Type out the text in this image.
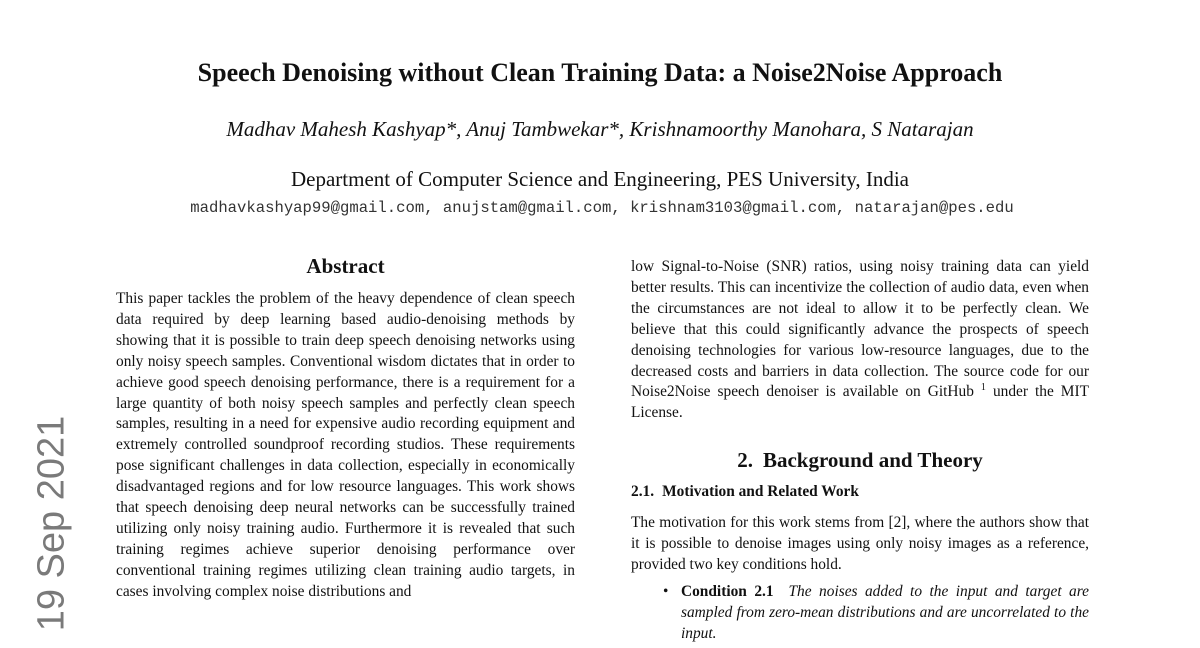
Speech Denoising without Clean Training Data: a Noise2Noise Approach
Madhav Mahesh Kashyap*, Anuj Tambwekar*, Krishnamoorthy Manohara, S Natarajan
Department of Computer Science and Engineering, PES University, India
madhavkashyap99@gmail.com, anujstam@gmail.com, krishnam3103@gmail.com, natarajan@pes.edu
19 Sep 2021
Abstract

This paper tackles the problem of the heavy dependence of clean speech data required by deep learning based audio-denoising methods by showing that it is possible to train deep speech denoising networks using only noisy speech samples. Conventional wisdom dictates that in order to achieve good speech denoising performance, there is a requirement for a large quantity of both noisy speech samples and perfectly clean speech samples, resulting in a need for expensive audio recording equipment and extremely controlled soundproof recording studios. These requirements pose significant challenges in data collection, especially in economically disadvantaged regions and for low resource languages. This work shows that speech denoising deep neural networks can be successfully trained utilizing only noisy training audio. Furthermore it is revealed that such training regimes achieve superior denoising performance over conventional training regimes utilizing clean training audio targets, in cases involving complex noise distributions and

low Signal-to-Noise (SNR) ratios, using noisy training data can yield better results. This can incentivize the collection of audio data, even when the circumstances are not ideal to allow it to be perfectly clean. We believe that this could significantly advance the prospects of speech denoising technologies for various low-resource languages, due to the decreased costs and barriers in data collection. The source code for our Noise2Noise speech denoiser is available on GitHub $^1$ under the MIT License.

2. Background and Theory
2.1. Motivation and Related Work

The motivation for this work stems from [2], where the authors show that it is possible to denoise images using only noisy images as a reference, provided two key conditions hold.

• Condition 2.1 The noises added to the input and target are sampled from zero-mean distributions and are uncorrelated to the input.
